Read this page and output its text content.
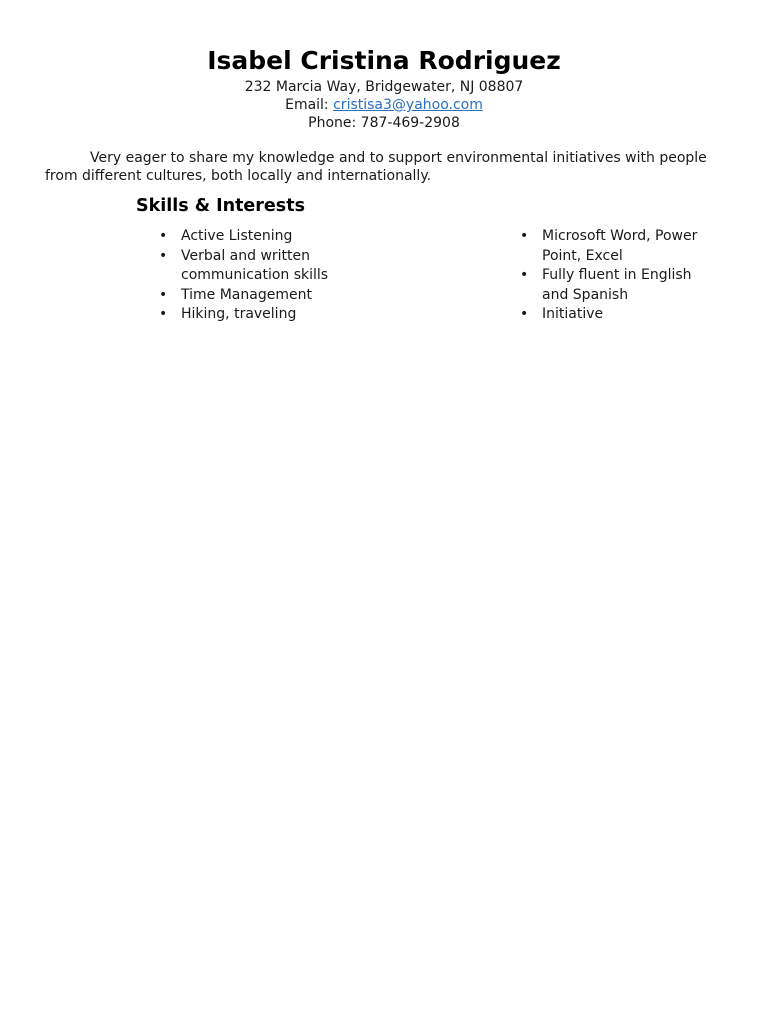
Isabel Cristina Rodriguez

232 Marcia Way, Bridgewater, NJ 08807

Email: cristisa3@yahoo.com

Phone: 787-469-2908

Very eager to share my knowledge and to support environmental initiatives with people from different cultures, both locally and internationally.

Skills & Interests
• Active Listening
• Verbal and written communication skills
• Time Management
• Hiking, traveling
• Microsoft Word, Power Point, Excel
• Fully fluent in English and Spanish
• Initiative
